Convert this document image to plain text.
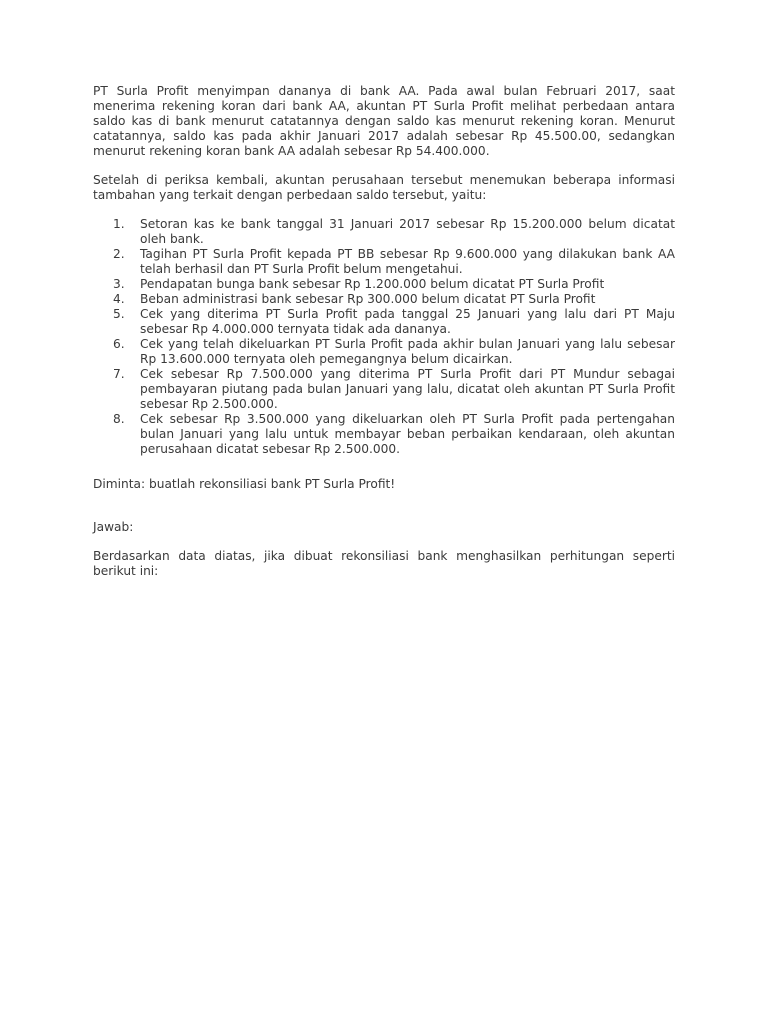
PT Surla Profit menyimpan dananya di bank AA. Pada awal bulan Februari 2017, saat menerima rekening koran dari bank AA, akuntan PT Surla Profit melihat perbedaan antara saldo kas di bank menurut catatannya dengan saldo kas menurut rekening koran. Menurut catatannya, saldo kas pada akhir Januari 2017 adalah sebesar Rp 45.500.00, sedangkan menurut rekening koran bank AA adalah sebesar Rp 54.400.000.

Setelah di periksa kembali, akuntan perusahaan tersebut menemukan beberapa informasi tambahan yang terkait dengan perbedaan saldo tersebut, yaitu:

1.	Setoran kas ke bank tanggal 31 Januari 2017 sebesar Rp 15.200.000 belum dicatat oleh bank.
2.	Tagihan PT Surla Profit kepada PT BB sebesar Rp 9.600.000 yang dilakukan bank AA telah berhasil dan PT Surla Profit belum mengetahui.
3.	Pendapatan bunga bank sebesar Rp 1.200.000 belum dicatat PT Surla Profit
4.	Beban administrasi bank sebesar Rp 300.000 belum dicatat PT Surla Profit
5.	Cek yang diterima PT Surla Profit pada tanggal 25 Januari yang lalu dari PT Maju sebesar Rp 4.000.000 ternyata tidak ada dananya.
6.	Cek yang telah dikeluarkan PT Surla Profit pada akhir bulan Januari yang lalu sebesar Rp 13.600.000 ternyata oleh pemegangnya belum dicairkan.
7.	Cek sebesar Rp 7.500.000 yang diterima PT Surla Profit dari PT Mundur sebagai pembayaran piutang pada bulan Januari yang lalu, dicatat oleh akuntan PT Surla Profit sebesar Rp 2.500.000.
8.	Cek sebesar Rp 3.500.000 yang dikeluarkan oleh PT Surla Profit pada pertengahan bulan Januari yang lalu untuk membayar beban perbaikan kendaraan, oleh akuntan perusahaan dicatat sebesar Rp 2.500.000.

Diminta: buatlah rekonsiliasi bank PT Surla Profit!

Jawab:

Berdasarkan data diatas, jika dibuat rekonsiliasi bank menghasilkan perhitungan seperti berikut ini:
